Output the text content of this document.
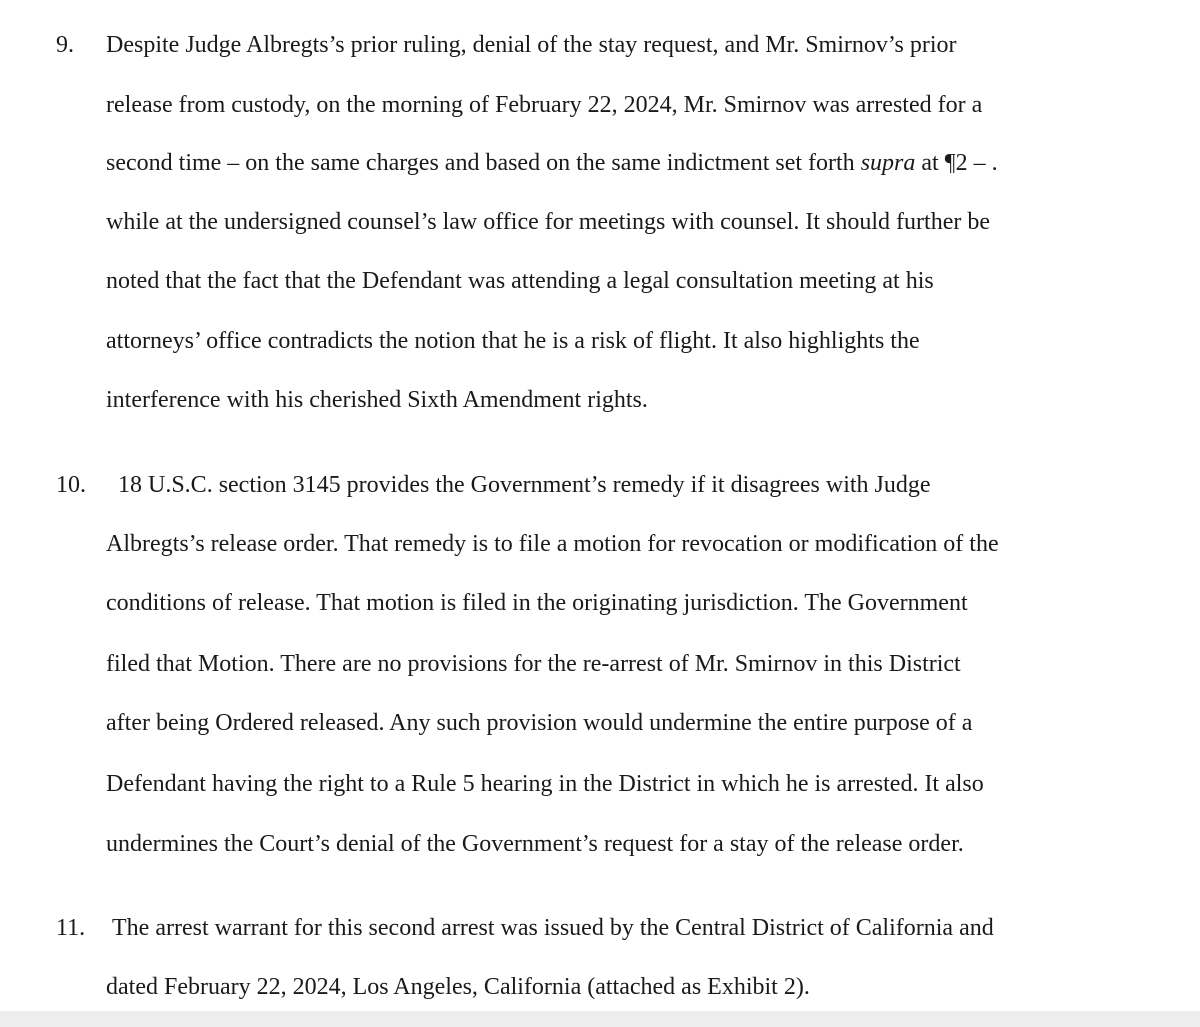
9. Despite Judge Albregts’s prior ruling, denial of the stay request, and Mr. Smirnov’s prior
release from custody, on the morning of February 22, 2024, Mr. Smirnov was arrested for a
second time – on the same charges and based on the same indictment set forth supra at ¶2 – .
while at the undersigned counsel’s law office for meetings with counsel. It should further be
noted that the fact that the Defendant was attending a legal consultation meeting at his
attorneys’ office contradicts the notion that he is a risk of flight. It also highlights the
interference with his cherished Sixth Amendment rights.
10. 18 U.S.C. section 3145 provides the Government’s remedy if it disagrees with Judge
Albregts’s release order. That remedy is to file a motion for revocation or modification of the
conditions of release. That motion is filed in the originating jurisdiction. The Government
filed that Motion. There are no provisions for the re-arrest of Mr. Smirnov in this District
after being Ordered released. Any such provision would undermine the entire purpose of a
Defendant having the right to a Rule 5 hearing in the District in which he is arrested. It also
undermines the Court’s denial of the Government’s request for a stay of the release order.
11. The arrest warrant for this second arrest was issued by the Central District of California and
dated February 22, 2024, Los Angeles, California (attached as Exhibit 2).
